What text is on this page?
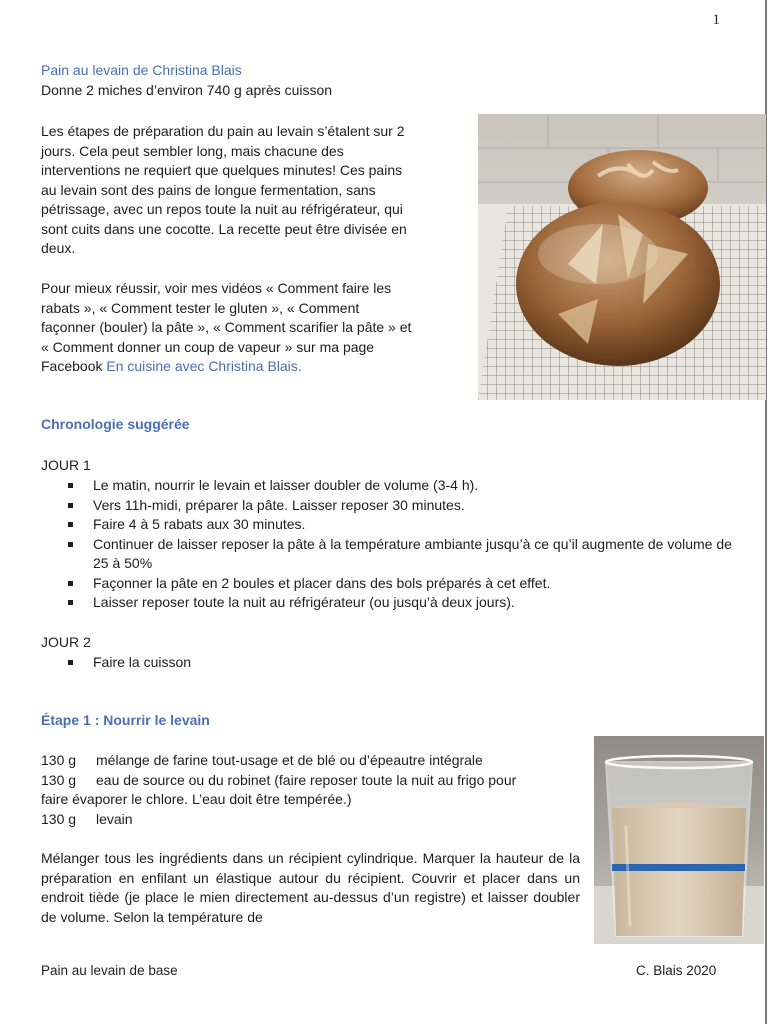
1
Pain au levain de Christina Blais
Donne 2 miches d’environ 740 g après cuisson

Les étapes de préparation du pain au levain s’étalent sur 2
jours. Cela peut sembler long, mais chacune des
interventions ne requiert que quelques minutes! Ces pains
au levain sont des pains de longue fermentation, sans
pétrissage, avec un repos toute la nuit au réfrigérateur, qui
sont cuits dans une cocotte. La recette peut être divisée en
deux.

Pour mieux réussir, voir mes vidéos « Comment faire les
rabats », « Comment tester le gluten », « Comment
façonner (bouler) la pâte », « Comment scarifier la pâte » et
« Comment donner un coup de vapeur » sur ma page
Facebook En cuisine avec Christina Blais.

Chronologie suggérée
JOUR 1
Le matin, nourrir le levain et laisser doubler de volume (3-4 h).
Vers 11h-midi, préparer la pâte. Laisser reposer 30 minutes.
Faire 4 à 5 rabats aux 30 minutes.
Continuer de laisser reposer la pâte à la température ambiante jusqu’à ce qu’il augmente de volume de 25 à 50%
Façonner la pâte en 2 boules et placer dans des bols préparés à cet effet.
Laisser reposer toute la nuit au réfrigérateur (ou jusqu’à deux jours).
JOUR 2
Faire la cuisson
Étape 1 : Nourrir le levain
130 g mélange de farine tout-usage et de blé ou d’épeautre intégrale
130 g eau de source ou du robinet (faire reposer toute la nuit au frigo pour
faire évaporer le chlore. L’eau doit être tempérée.)
130 g levain

Mélanger tous les ingrédients dans un récipient cylindrique. Marquer la hauteur de la préparation en enfilant un élastique autour du récipient. Couvrir et placer dans un endroit tiède (je place le mien directement au-dessus d’un registre) et laisser doubler de volume. Selon la température de

Pain au levain de base	C. Blais 2020
